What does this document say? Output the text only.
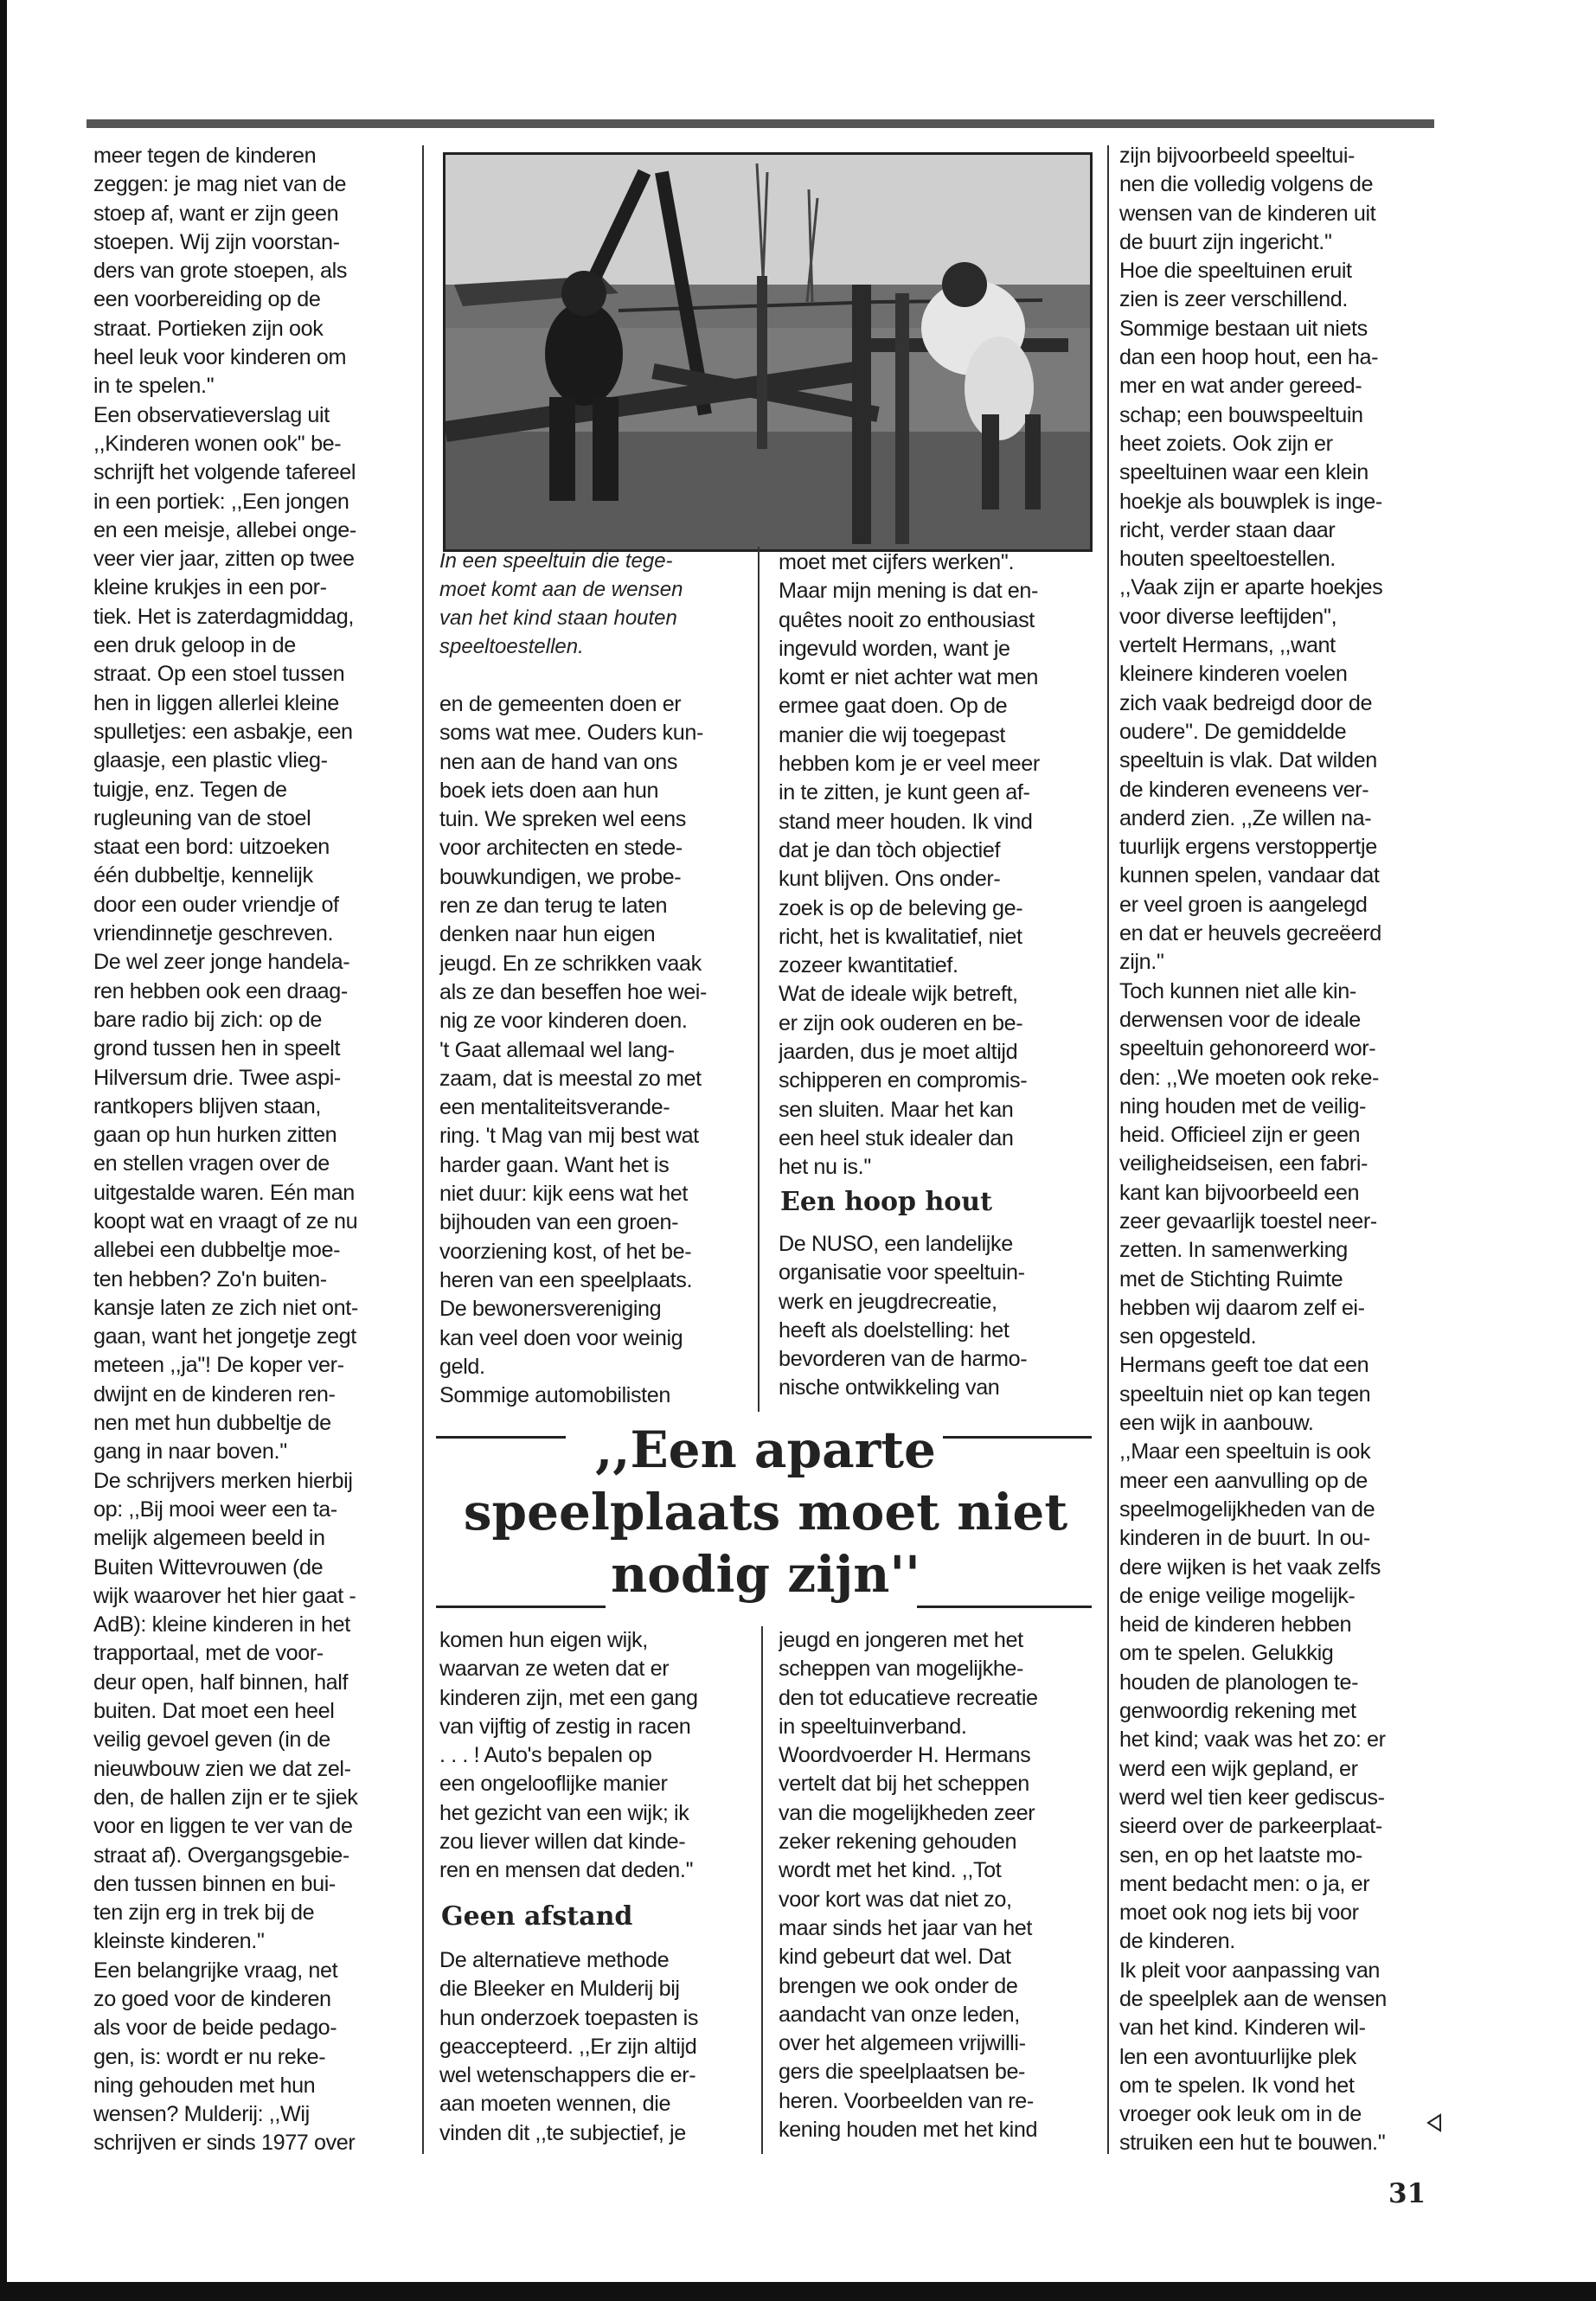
meer tegen de kinderen
zeggen: je mag niet van de
stoep af, want er zijn geen
stoepen. Wij zijn voorstan-
ders van grote stoepen, als
een voorbereiding op de
straat. Portieken zijn ook
heel leuk voor kinderen om
in te spelen.''
Een observatieverslag uit
,,Kinderen wonen ook'' be-
schrijft het volgende tafereel
in een portiek: ,,Een jongen
en een meisje, allebei onge-
veer vier jaar, zitten op twee
kleine krukjes in een por-
tiek. Het is zaterdagmiddag,
een druk geloop in de
straat. Op een stoel tussen
hen in liggen allerlei kleine
spulletjes: een asbakje, een
glaasje, een plastic vlieg-
tuigje, enz. Tegen de
rugleuning van de stoel
staat een bord: uitzoeken
één dubbeltje, kennelijk
door een ouder vriendje of
vriendinnetje geschreven.
De wel zeer jonge handela-
ren hebben ook een draag-
bare radio bij zich: op de
grond tussen hen in speelt
Hilversum drie. Twee aspi-
rantkopers blijven staan,
gaan op hun hurken zitten
en stellen vragen over de
uitgestalde waren. Eén man
koopt wat en vraagt of ze nu
allebei een dubbeltje moe-
ten hebben? Zo'n buiten-
kansje laten ze zich niet ont-
gaan, want het jongetje zegt
meteen ,,ja''! De koper ver-
dwijnt en de kinderen ren-
nen met hun dubbeltje de
gang in naar boven.''
De schrijvers merken hierbij
op: ,,Bij mooi weer een ta-
melijk algemeen beeld in
Buiten Wittevrouwen (de
wijk waarover het hier gaat -
AdB): kleine kinderen in het
trapportaal, met de voor-
deur open, half binnen, half
buiten. Dat moet een heel
veilig gevoel geven (in de
nieuwbouw zien we dat zel-
den, de hallen zijn er te sjiek
voor en liggen te ver van de
straat af). Overgangsgebie-
den tussen binnen en bui-
ten zijn erg in trek bij de
kleinste kinderen.''
Een belangrijke vraag, net
zo goed voor de kinderen
als voor de beide pedago-
gen, is: wordt er nu reke-
ning gehouden met hun
wensen? Mulderij: ,,Wij
schrijven er sinds 1977 over
In een speeltuin die tege-
moet komt aan de wensen
van het kind staan houten
speeltoestellen.
en de gemeenten doen er
soms wat mee. Ouders kun-
nen aan de hand van ons
boek iets doen aan hun
tuin. We spreken wel eens
voor architecten en stede-
bouwkundigen, we probe-
ren ze dan terug te laten
denken naar hun eigen
jeugd. En ze schrikken vaak
als ze dan beseffen hoe wei-
nig ze voor kinderen doen.
't Gaat allemaal wel lang-
zaam, dat is meestal zo met
een mentaliteitsverande-
ring. 't Mag van mij best wat
harder gaan. Want het is
niet duur: kijk eens wat het
bijhouden van een groen-
voorziening kost, of het be-
heren van een speelplaats.
De bewonersvereniging
kan veel doen voor weinig
geld.
Sommige automobilisten
moet met cijfers werken''.
Maar mijn mening is dat en-
quêtes nooit zo enthousiast
ingevuld worden, want je
komt er niet achter wat men
ermee gaat doen. Op de
manier die wij toegepast
hebben kom je er veel meer
in te zitten, je kunt geen af-
stand meer houden. Ik vind
dat je dan tòch objectief
kunt blijven. Ons onder-
zoek is op de beleving ge-
richt, het is kwalitatief, niet
zozeer kwantitatief.
Wat de ideale wijk betreft,
er zijn ook ouderen en be-
jaarden, dus je moet altijd
schipperen en compromis-
sen sluiten. Maar het kan
een heel stuk idealer dan
het nu is.''
Een hoop hout
De NUSO, een landelijke
organisatie voor speeltuin-
werk en jeugdrecreatie,
heeft als doelstelling: het
bevorderen van de harmo-
nische ontwikkeling van
,,Een aparte
speelplaats moet niet
nodig zijn''
komen hun eigen wijk,
waarvan ze weten dat er
kinderen zijn, met een gang
van vijftig of zestig in racen
. . . ! Auto's bepalen op
een ongelooflijke manier
het gezicht van een wijk; ik
zou liever willen dat kinde-
ren en mensen dat deden.''
Geen afstand
De alternatieve methode
die Bleeker en Mulderij bij
hun onderzoek toepasten is
geaccepteerd. ,,Er zijn altijd
wel wetenschappers die er-
aan moeten wennen, die
vinden dit ,,te subjectief, je
jeugd en jongeren met het
scheppen van mogelijkhe-
den tot educatieve recreatie
in speeltuinverband.
Woordvoerder H. Hermans
vertelt dat bij het scheppen
van die mogelijkheden zeer
zeker rekening gehouden
wordt met het kind. ,,Tot
voor kort was dat niet zo,
maar sinds het jaar van het
kind gebeurt dat wel. Dat
brengen we ook onder de
aandacht van onze leden,
over het algemeen vrijwilli-
gers die speelplaatsen be-
heren. Voorbeelden van re-
kening houden met het kind
zijn bijvoorbeeld speeltui-
nen die volledig volgens de
wensen van de kinderen uit
de buurt zijn ingericht.''
Hoe die speeltuinen eruit
zien is zeer verschillend.
Sommige bestaan uit niets
dan een hoop hout, een ha-
mer en wat ander gereed-
schap; een bouwspeeltuin
heet zoiets. Ook zijn er
speeltuinen waar een klein
hoekje als bouwplek is inge-
richt, verder staan daar
houten speeltoestellen.
,,Vaak zijn er aparte hoekjes
voor diverse leeftijden'',
vertelt Hermans, ,,want
kleinere kinderen voelen
zich vaak bedreigd door de
oudere''. De gemiddelde
speeltuin is vlak. Dat wilden
de kinderen eveneens ver-
anderd zien. ,,Ze willen na-
tuurlijk ergens verstoppertje
kunnen spelen, vandaar dat
er veel groen is aangelegd
en dat er heuvels gecreëerd
zijn.''
Toch kunnen niet alle kin-
derwensen voor de ideale
speeltuin gehonoreerd wor-
den: ,,We moeten ook reke-
ning houden met de veilig-
heid. Officieel zijn er geen
veiligheidseisen, een fabri-
kant kan bijvoorbeeld een
zeer gevaarlijk toestel neer-
zetten. In samenwerking
met de Stichting Ruimte
hebben wij daarom zelf ei-
sen opgesteld.
Hermans geeft toe dat een
speeltuin niet op kan tegen
een wijk in aanbouw.
,,Maar een speeltuin is ook
meer een aanvulling op de
speelmogelijkheden van de
kinderen in de buurt. In ou-
dere wijken is het vaak zelfs
de enige veilige mogelijk-
heid de kinderen hebben
om te spelen. Gelukkig
houden de planologen te-
genwoordig rekening met
het kind; vaak was het zo: er
werd een wijk gepland, er
werd wel tien keer gediscus-
sieerd over de parkeerplaat-
sen, en op het laatste mo-
ment bedacht men: o ja, er
moet ook nog iets bij voor
de kinderen.
Ik pleit voor aanpassing van
de speelplek aan de wensen
van het kind. Kinderen wil-
len een avontuurlijke plek
om te spelen. Ik vond het
vroeger ook leuk om in de
struiken een hut te bouwen.''
31
